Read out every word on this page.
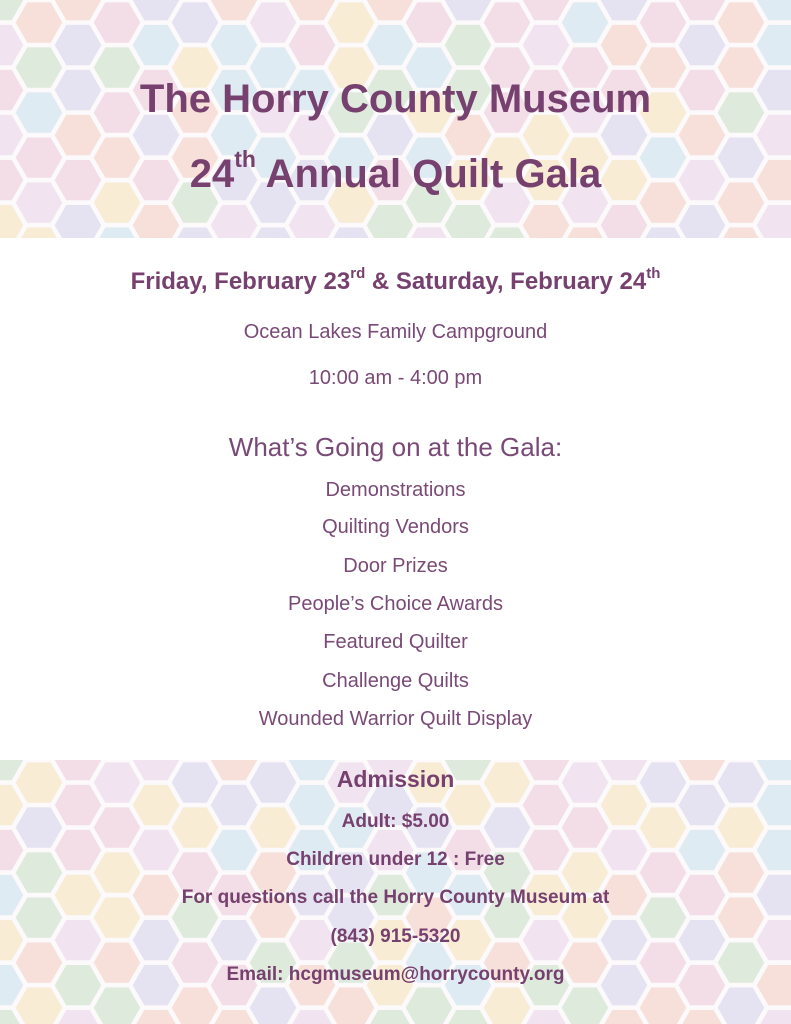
The Horry County Museum
24th Annual Quilt Gala
Friday, February 23rd & Saturday, February 24th
Ocean Lakes Family Campground
10:00 am - 4:00 pm
What’s Going on at the Gala:
Demonstrations
Quilting Vendors
Door Prizes
People’s Choice Awards
Featured Quilter
Challenge Quilts
Wounded Warrior Quilt Display
Admission
Adult: $5.00
Children under 12 : Free
For questions call the Horry County Museum at
(843) 915-5320
Email: hcgmuseum@horrycounty.org
